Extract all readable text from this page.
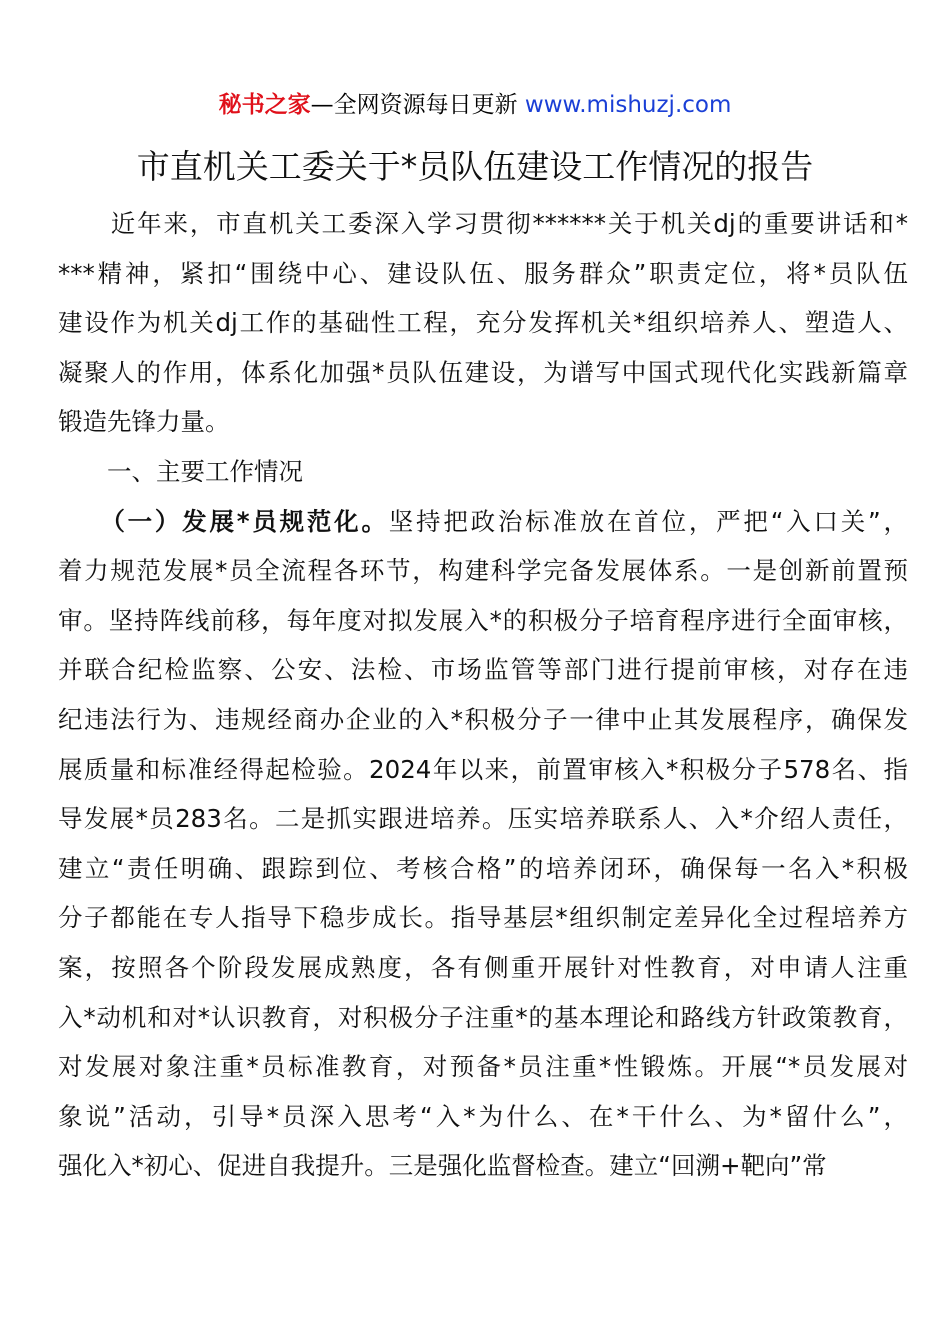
秘书之家—全网资源每日更新 www.mishuzj.com
市直机关工委关于*员队伍建设工作情况的报告
　　近年来，市直机关工委深入学习贯彻******关于机关dj的重要讲话和*
***精神，紧扣“围绕中心、建设队伍、服务群众”职责定位，将*员队伍
建设作为机关dj工作的基础性工程，充分发挥机关*组织培养人、塑造人、
凝聚人的作用，体系化加强*员队伍建设，为谱写中国式现代化实践新篇章
锻造先锋力量。
　　一、主要工作情况
　　（一）发展*员规范化。坚持把政治标准放在首位，严把“入口关”，
着力规范发展*员全流程各环节，构建科学完备发展体系。一是创新前置预
审。坚持阵线前移，每年度对拟发展入*的积极分子培育程序进行全面审核，
并联合纪检监察、公安、法检、市场监管等部门进行提前审核，对存在违
纪违法行为、违规经商办企业的入*积极分子一律中止其发展程序，确保发
展质量和标准经得起检验。2024年以来，前置审核入*积极分子578名、指
导发展*员283名。二是抓实跟进培养。压实培养联系人、入*介绍人责任，
建立“责任明确、跟踪到位、考核合格”的培养闭环，确保每一名入*积极
分子都能在专人指导下稳步成长。指导基层*组织制定差异化全过程培养方
案，按照各个阶段发展成熟度，各有侧重开展针对性教育，对申请人注重
入*动机和对*认识教育，对积极分子注重*的基本理论和路线方针政策教育，
对发展对象注重*员标准教育，对预备*员注重*性锻炼。开展“*员发展对
象说”活动，引导*员深入思考“入*为什么、在*干什么、为*留什么”，
强化入*初心、促进自我提升。三是强化监督检查。建立“回溯+靶向”常
